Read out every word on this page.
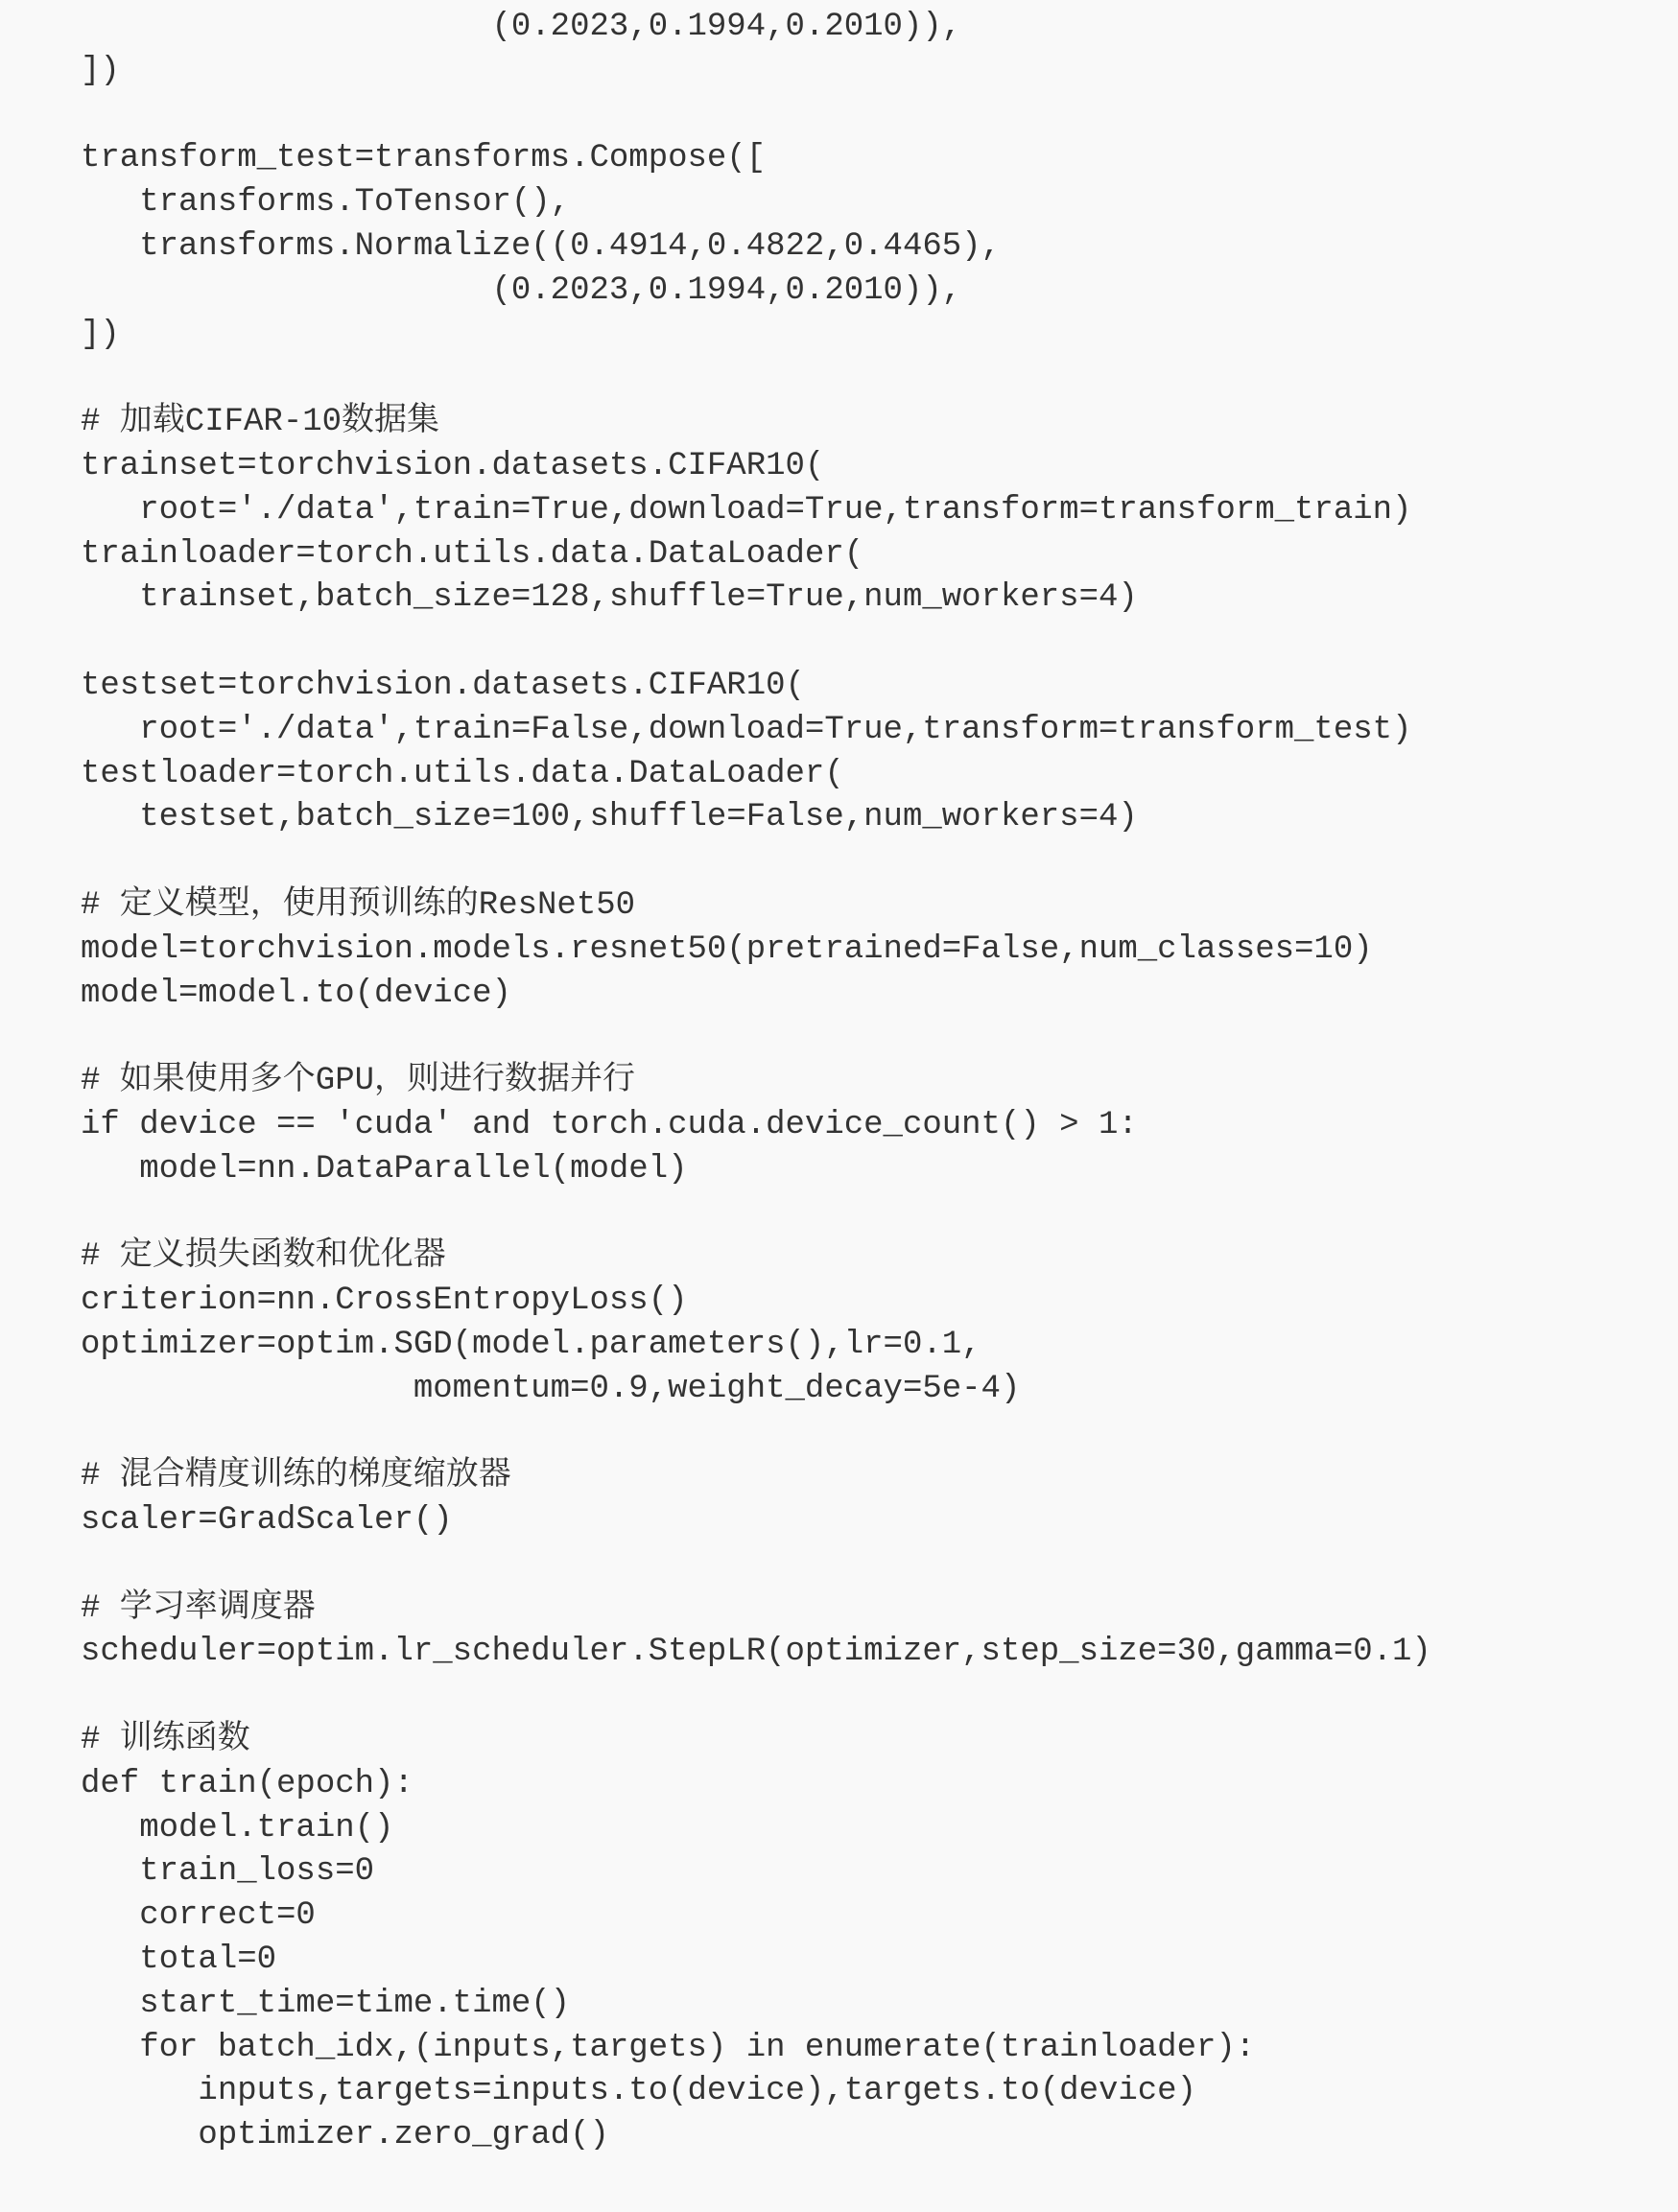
(0.2023,0.1994,0.2010)),
])
transform_test=transforms.Compose([
transforms.ToTensor(),
transforms.Normalize((0.4914,0.4822,0.4465),
(0.2023,0.1994,0.2010)),
])
# 加载CIFAR-10数据集
trainset=torchvision.datasets.CIFAR10(
root='./data',train=True,download=True,transform=transform_train)
trainloader=torch.utils.data.DataLoader(
trainset,batch_size=128,shuffle=True,num_workers=4)
testset=torchvision.datasets.CIFAR10(
root='./data',train=False,download=True,transform=transform_test)
testloader=torch.utils.data.DataLoader(
testset,batch_size=100,shuffle=False,num_workers=4)
# 定义模型，使用预训练的ResNet50
model=torchvision.models.resnet50(pretrained=False,num_classes=10)
model=model.to(device)
# 如果使用多个GPU，则进行数据并行
if device == 'cuda' and torch.cuda.device_count() > 1:
model=nn.DataParallel(model)
# 定义损失函数和优化器
criterion=nn.CrossEntropyLoss()
optimizer=optim.SGD(model.parameters(),lr=0.1,
momentum=0.9,weight_decay=5e-4)
# 混合精度训练的梯度缩放器
scaler=GradScaler()
# 学习率调度器
scheduler=optim.lr_scheduler.StepLR(optimizer,step_size=30,gamma=0.1)
# 训练函数
def train(epoch):
model.train()
train_loss=0
correct=0
total=0
start_time=time.time()
for batch_idx,(inputs,targets) in enumerate(trainloader):
inputs,targets=inputs.to(device),targets.to(device)
optimizer.zero_grad()
